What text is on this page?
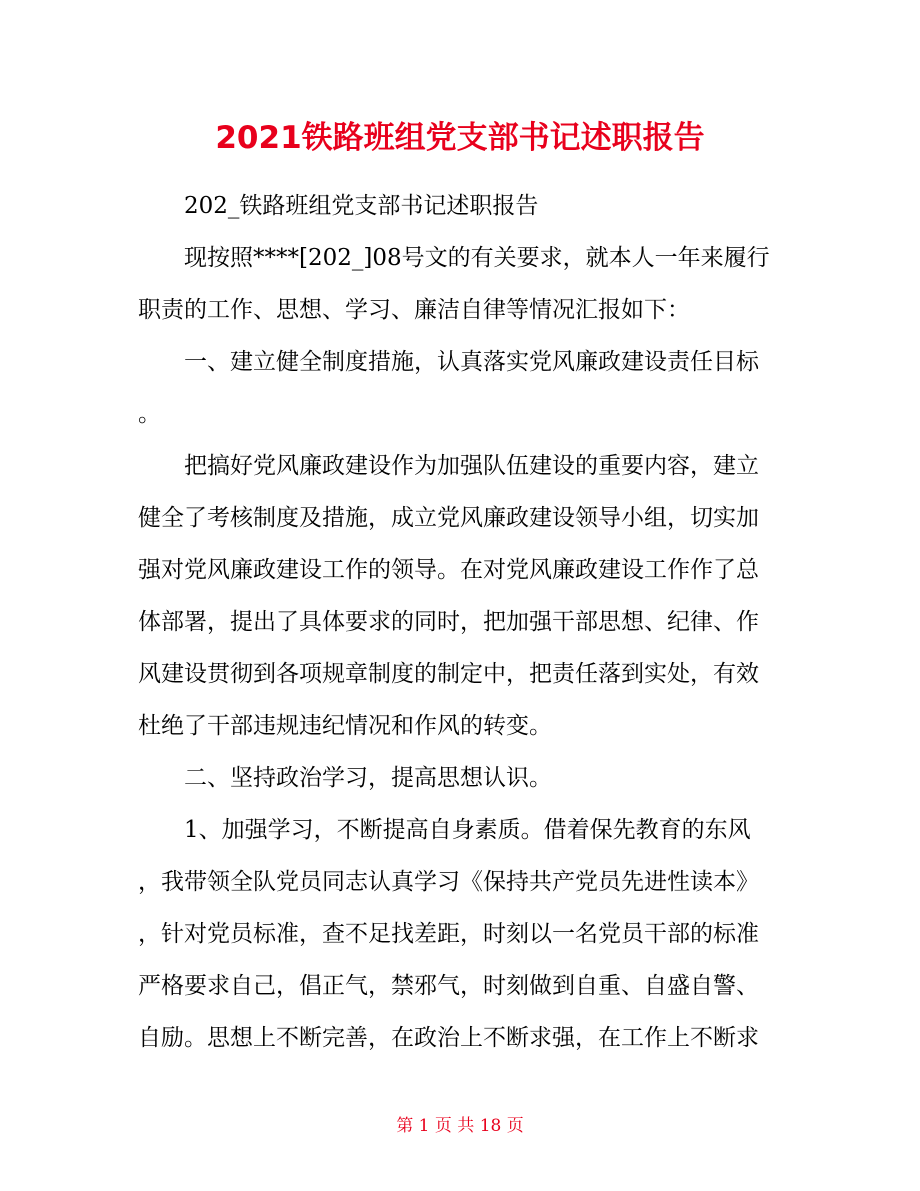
2021铁路班组党支部书记述职报告

202_铁路班组党支部书记述职报告

现按照****[202_]08号文的有关要求，就本人一年来履行

职责的工作、思想、学习、廉洁自律等情况汇报如下：

一、建立健全制度措施，认真落实党风廉政建设责任目标

。

把搞好党风廉政建设作为加强队伍建设的重要内容，建立

健全了考核制度及措施，成立党风廉政建设领导小组，切实加

强对党风廉政建设工作的领导。在对党风廉政建设工作作了总

体部署，提出了具体要求的同时，把加强干部思想、纪律、作

风建设贯彻到各项规章制度的制定中，把责任落到实处，有效

杜绝了干部违规违纪情况和作风的转变。

二、坚持政治学习，提高思想认识。

1、加强学习，不断提高自身素质。借着保先教育的东风

，我带领全队党员同志认真学习《保持共产党员先进性读本》

，针对党员标准，查不足找差距，时刻以一名党员干部的标准

严格要求自己，倡正气，禁邪气，时刻做到自重、自盛自警、

自励。思想上不断完善，在政治上不断求强，在工作上不断求

第 1 页 共 18 页
